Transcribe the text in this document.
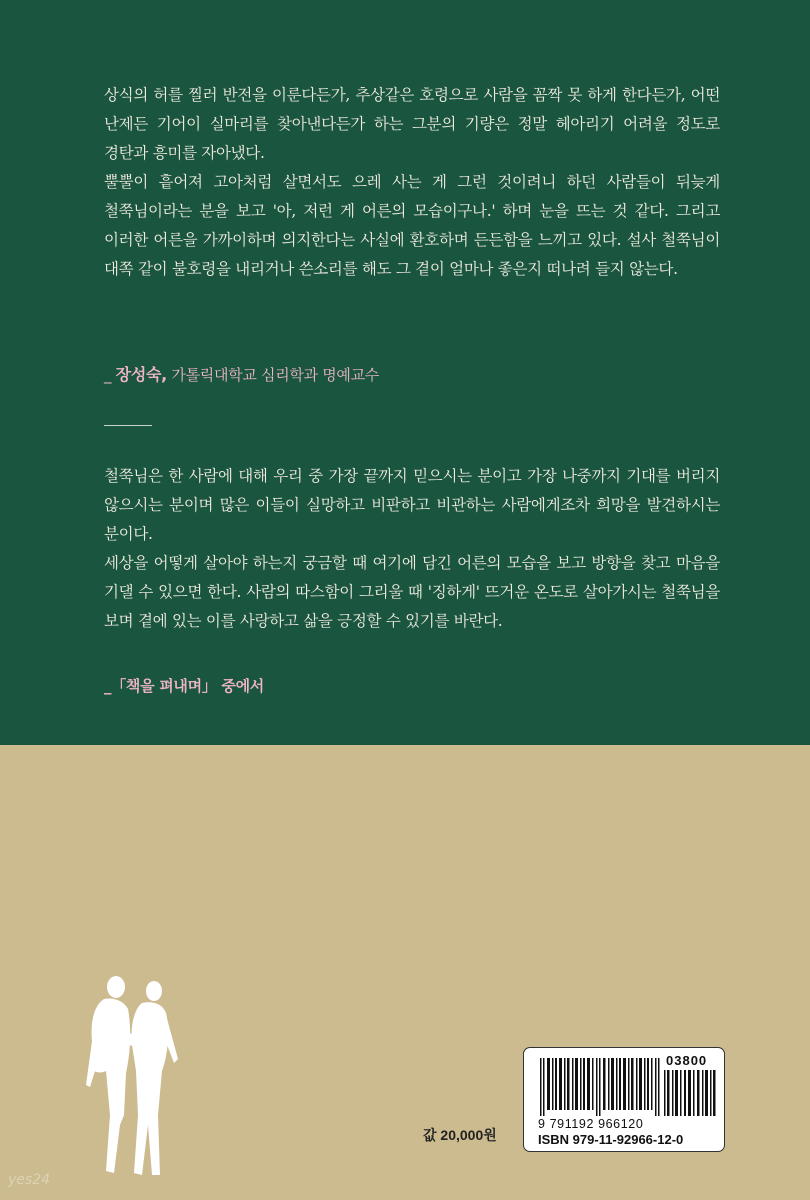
상식의 허를 찔러 반전을 이룬다든가, 추상같은 호령으로 사람을 꼼짝 못 하게 한다든가, 어떤 난제든 기어이 실마리를 찾아낸다든가 하는 그분의 기량은 정말 헤아리기 어려울 정도로 경탄과 흥미를 자아냈다.
뿔뿔이 흩어져 고아처럼 살면서도 으레 사는 게 그런 것이려니 하던 사람들이 뒤늦게 철쭉님이라는 분을 보고 '아, 저런 게 어른의 모습이구나.' 하며 눈을 뜨는 것 같다. 그리고 이러한 어른을 가까이하며 의지한다는 사실에 환호하며 든든함을 느끼고 있다. 설사 철쭉님이 대쪽 같이 불호령을 내리거나 쓴소리를 해도 그 곁이 얼마나 좋은지 떠나려 들지 않는다.

_ 장성숙, 가톨릭대학교 심리학과 명예교수

철쭉님은 한 사람에 대해 우리 중 가장 끝까지 믿으시는 분이고 가장 나중까지 기대를 버리지 않으시는 분이며 많은 이들이 실망하고 비판하고 비관하는 사람에게조차 희망을 발견하시는 분이다.
세상을 어떻게 살아야 하는지 궁금할 때 여기에 담긴 어른의 모습을 보고 방향을 찾고 마음을 기댈 수 있으면 한다. 사람의 따스함이 그리울 때 '징하게' 뜨거운 온도로 살아가시는 철쭉님을 보며 곁에 있는 이를 사랑하고 삶을 긍정할 수 있기를 바란다.

_「책을 펴내며」 중에서
값 20,000원
03800
9 791192 966120
ISBN 979-11-92966-12-0
yes24
